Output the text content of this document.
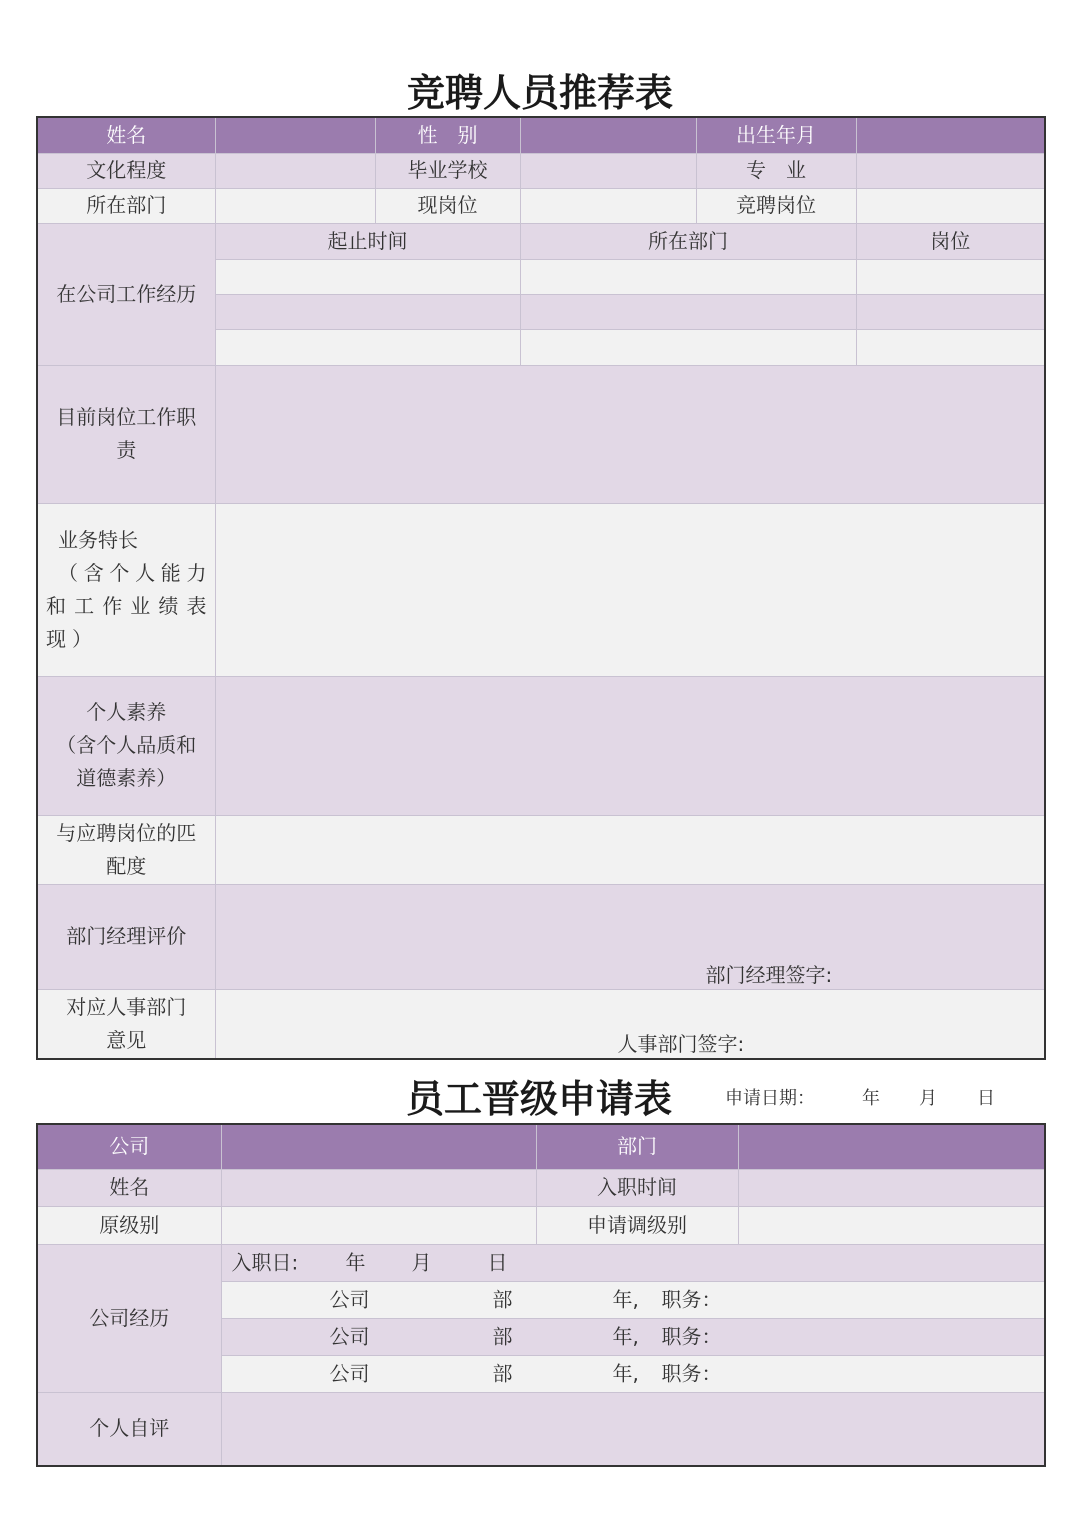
竞聘人员推荐表
姓名		性　别		出生年月	
文化程度		毕业学校		专　业	
所在部门		现岗位		竞聘岗位	
在公司工作经历	起止时间		所在部门		岗位

目前岗位工作职
责					

业务特长
（含个人能力
和工作业绩表
现）					

个人素养
（含个人品质和
道德素养）					

与应聘岗位的匹
配度					

部门经理评价	部门经理签字:				

对应人事部门
意见	人事部门签字:				
员工晋级申请表	申请日期：	年 月 日
公司		部门	
姓名		入职时间	
原级别		申请调级别	
公司经历	入职日: 年 月 日		

	公司 部 年, 职务：		

	公司 部 年, 职务：		

	公司 部 年, 职务：		

个人自评			
